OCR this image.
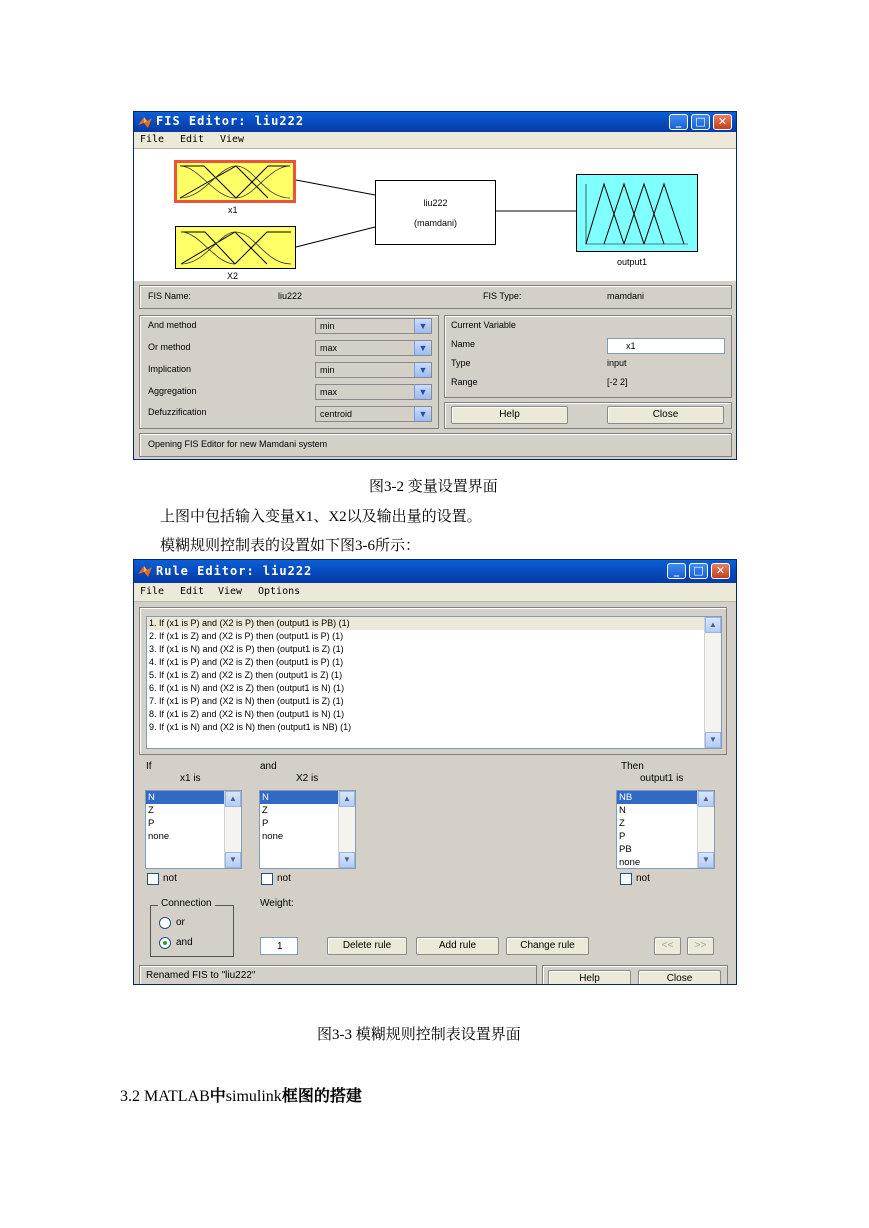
FIS Editor: liu222	_	□	✕
File Edit View
x1
X2
liu222
(mamdani)
output1
FIS Name:	liu222	FIS Type:	mamdani
And method
Or method
Implication
Aggregation
Defuzzification
min	▼
max	▼
min	▼
max	▼
centroid	▼
Current Variable
Name	x1
Type	input
Range	[-2 2]
Help	Close
Opening FIS Editor for new Mamdani system
图3-2 变量设置界面
上图中包括输入变量X1、X2以及输出量的设置。
模糊规则控制表的设置如下图3-6所示：
Rule Editor: liu222	_	□	✕
File Edit View Options
1. If (x1 is P) and (X2 is P) then (output1 is PB) (1)
2. If (x1 is Z) and (X2 is P) then (output1 is P) (1)
3. If (x1 is N) and (X2 is P) then (output1 is Z) (1)
4. If (x1 is P) and (X2 is Z) then (output1 is P) (1)
5. If (x1 is Z) and (X2 is Z) then (output1 is Z) (1)
6. If (x1 is N) and (X2 is Z) then (output1 is N) (1)
7. If (x1 is P) and (X2 is N) then (output1 is Z) (1)
8. If (x1 is Z) and (X2 is N) then (output1 is N) (1)
9. If (x1 is N) and (X2 is N) then (output1 is NB) (1)
▲
▼
If
x1 is
and
X2 is
Then
output1 is
N
Z
P
none
▲
▼
N
Z
P
none
▲
▼
NB
N
Z
P
PB
none
▲
▼
not	not	not
Connection
or
and
Weight:
1	Delete rule	Add rule	Change rule	<<	>>
Renamed FIS to "liu222"	Help	Close
图3-3 模糊规则控制表设置界面
3.2 MATLAB中simulink框图的搭建
